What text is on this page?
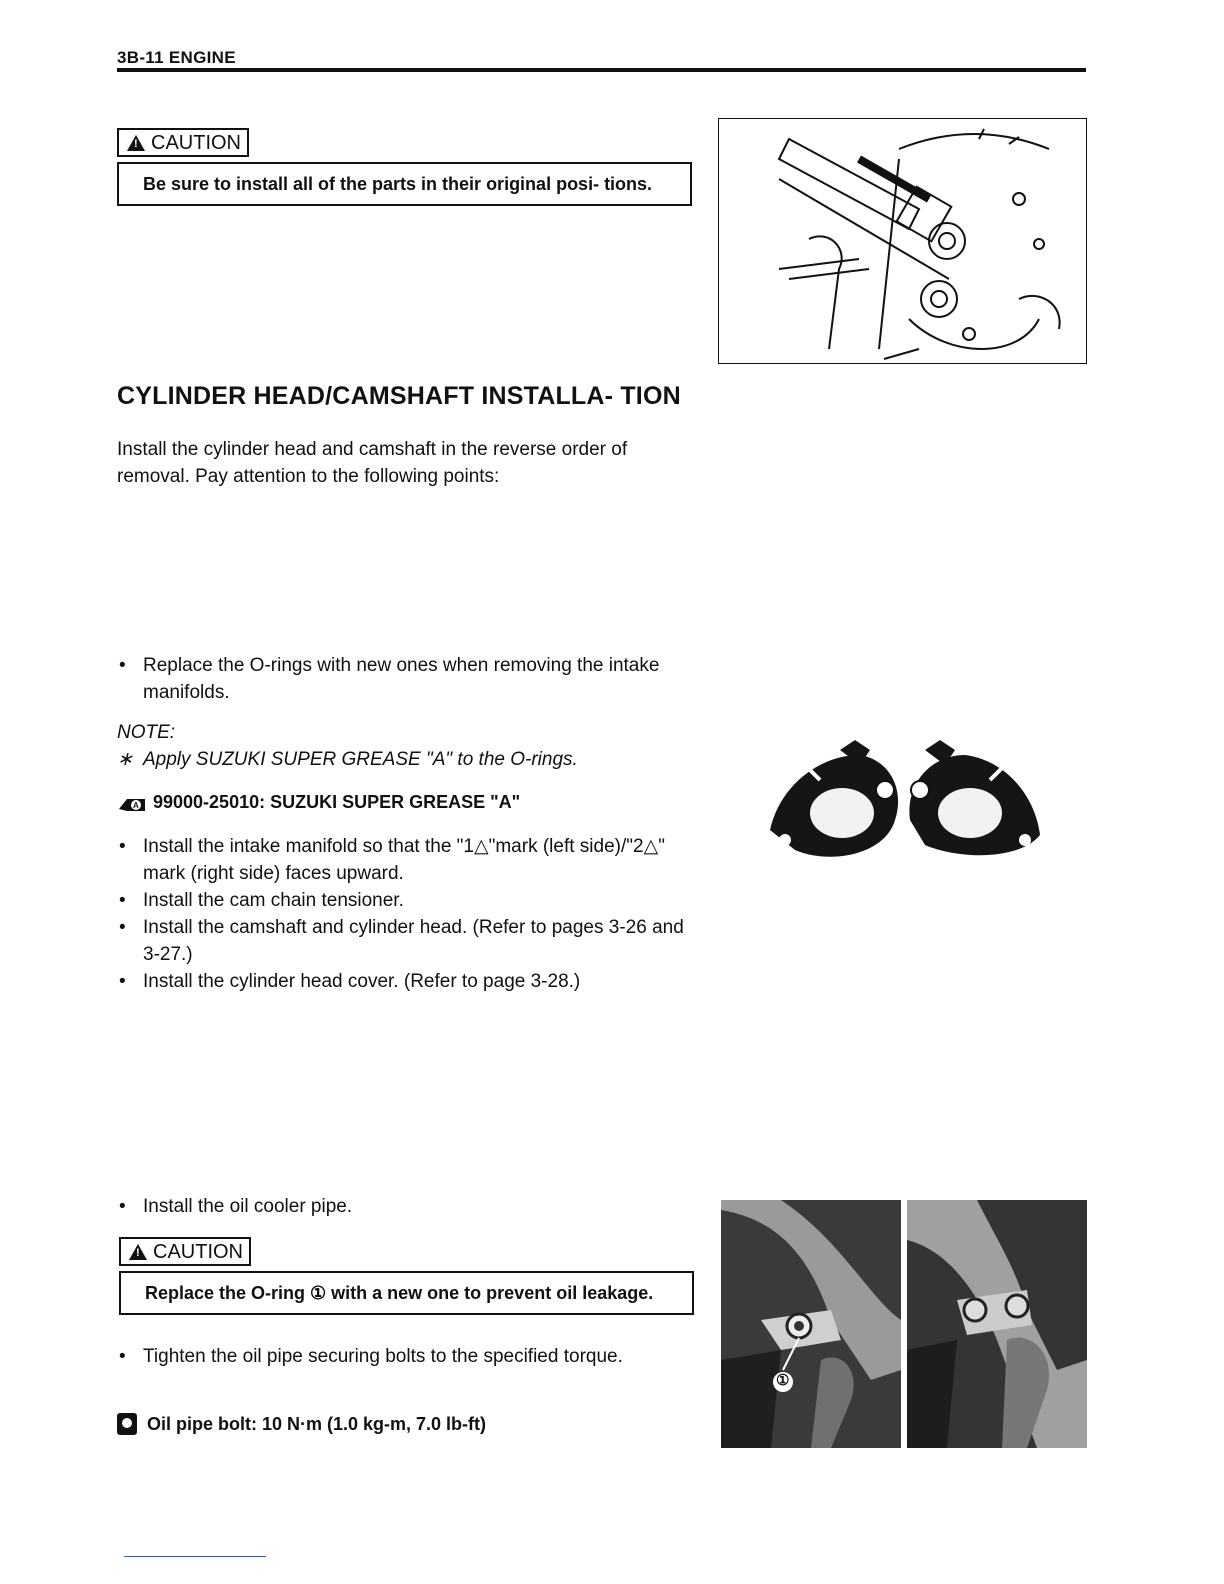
3B-11 ENGINE
!
CAUTION
Be sure to install all of the parts in their original posi- tions.
CYLINDER HEAD/CAMSHAFT INSTALLA- TION
Install the cylinder head and camshaft in the reverse order of removal. Pay attention to the following points:
• Replace the O-rings with new ones when removing the intake manifolds.
NOTE:
∗ Apply SUZUKI SUPER GREASE "A" to the O-rings.
A 99000-25010: SUZUKI SUPER GREASE "A"
• Install the intake manifold so that the "1△"mark (left side)/"2△" mark (right side) faces upward.
• Install the cam chain tensioner.
• Install the camshaft and cylinder head. (Refer to pages 3-26 and 3-27.)
• Install the cylinder head cover. (Refer to page 3-28.)
• Install the oil cooler pipe.
!
CAUTION
Replace the O-ring ① with a new one to prevent oil leakage.
• Tighten the oil pipe securing bolts to the specified torque.
Oil pipe bolt: 10 N·m (1.0 kg-m, 7.0 lb-ft)
①
